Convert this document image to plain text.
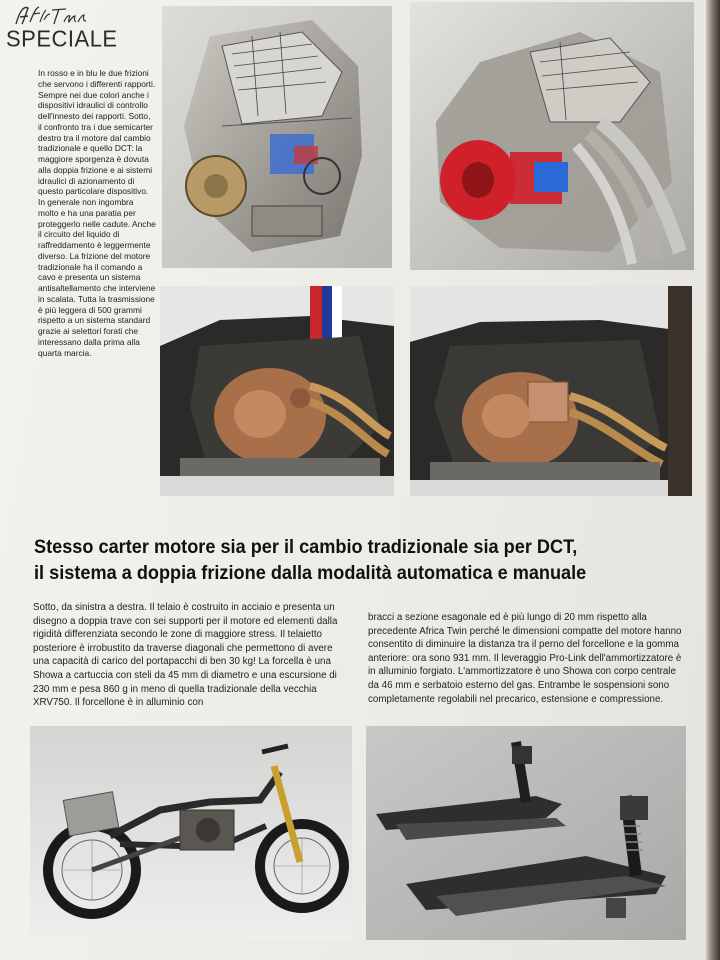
SPECIALE
In rosso e in blu le due frizioni che servono i differenti rapporti. Sempre nei due colori anche i dispositivi idraulici di controllo dell'innesto dei rapporti. Sotto, il confronto tra i due semicarter destro tra il motore dal cambio tradizionale e quello DCT: la maggiore sporgenza è dovuta alla doppia frizione e ai sistemi idraulici di azionamento di questo particolare dispositivo. In generale non ingombra molto e ha una paratia per proteggerlo nelle cadute. Anche il circuito del liquido di raffreddamento è leggermente diverso. La frizione del motore tradizionale ha il comando a cavo e presenta un sistema antisaltellamento che interviene in scalata. Tutta la trasmissione è più leggera di 500 grammi rispetto a un sistema standard grazie ai selettori forati che interessano dalla prima alla quarta marcia.
Stesso carter motore sia per il cambio tradizionale sia per DCT,
il sistema a doppia frizione dalla modalità automatica e manuale
Sotto, da sinistra a destra. Il telaio è costruito in acciaio e presenta un disegno a doppia trave con sei supporti per il motore ed elementi dalla rigidità differenziata secondo le zone di maggiore stress. Il telaietto posteriore è irrobustito da traverse diagonali che permettono di avere una capacità di carico del portapacchi di ben 30 kg! La forcella è una Showa a cartuccia con steli da 45 mm di diametro e una escursione di 230 mm e pesa 860 g in meno di quella tradizionale della vecchia XRV750. Il forcellone è in alluminio con
bracci a sezione esagonale ed è più lungo di 20 mm rispetto alla precedente Africa Twin perché le dimensioni compatte del motore hanno consentito di diminuire la distanza tra il perno del forcellone e la gomma anteriore: ora sono 931 mm. Il leveraggio Pro-Link dell'ammortizzatore è in alluminio forgiato. L'ammortizzatore è uno Showa con corpo centrale da 46 mm e serbatoio esterno del gas. Entrambe le sospensioni sono completamente regolabili nel precarico, estensione e compressione.
